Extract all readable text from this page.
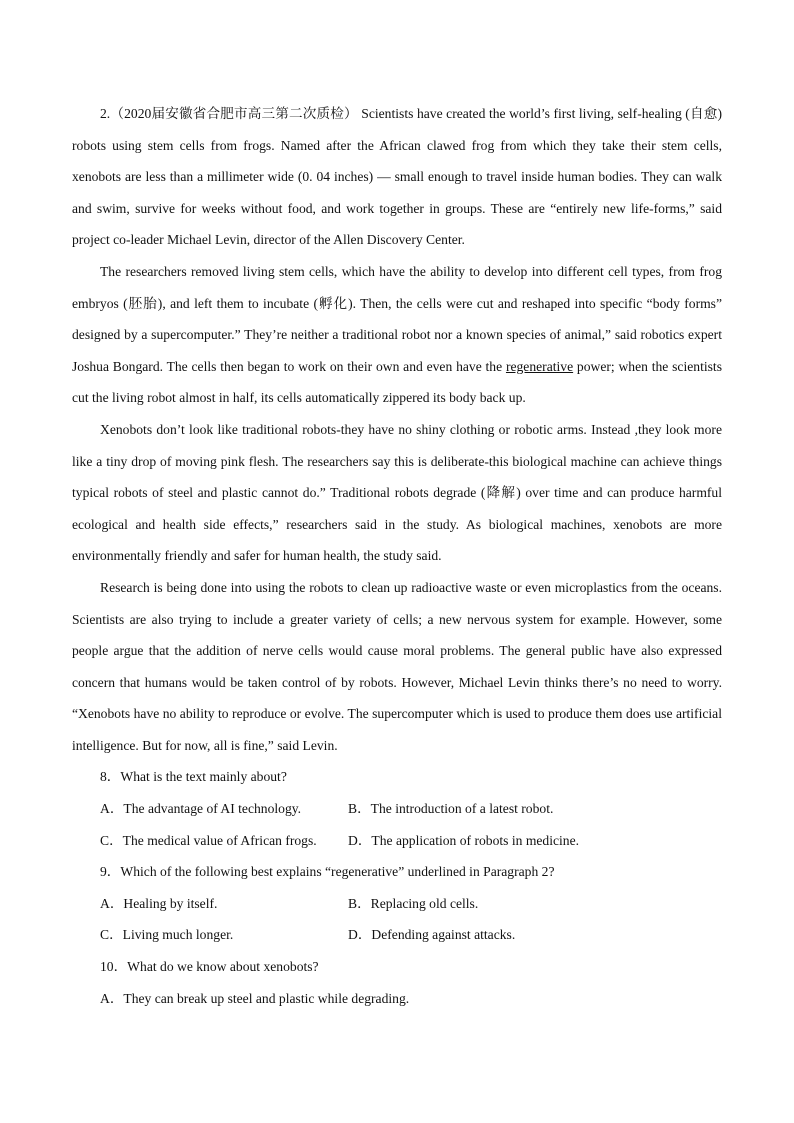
2.（2020届安徽省合肥市高三第二次质检） Scientists have created the world’s first living, self-healing (自愈) robots using stem cells from frogs. Named after the African clawed frog from which they take their stem cells, xenobots are less than a millimeter wide (0. 04 inches) — small enough to travel inside human bodies. They can walk and swim, survive for weeks without food, and work together in groups. These are “entirely new life-forms,” said project co-leader Michael Levin, director of the Allen Discovery Center.

The researchers removed living stem cells, which have the ability to develop into different cell types, from frog embryos (胚胎), and left them to incubate (孵化). Then, the cells were cut and reshaped into specific “body forms” designed by a supercomputer.” They’re neither a traditional robot nor a known species of animal,” said robotics expert Joshua Bongard. The cells then began to work on their own and even have the regenerative power; when the scientists cut the living robot almost in half, its cells automatically zippered its body back up.

Xenobots don’t look like traditional robots-they have no shiny clothing or robotic arms. Instead ,they look more like a tiny drop of moving pink flesh. The researchers say this is deliberate-this biological machine can achieve things typical robots of steel and plastic cannot do.” Traditional robots degrade (降解) over time and can produce harmful ecological and health side effects,” researchers said in the study. As biological machines, xenobots are more environmentally friendly and safer for human health, the study said.

Research is being done into using the robots to clean up radioactive waste or even microplastics from the oceans. Scientists are also trying to include a greater variety of cells; a new nervous system for example. However, some people argue that the addition of nerve cells would cause moral problems. The general public have also expressed concern that humans would be taken control of by robots. However, Michael Levin thinks there’s no need to worry. “Xenobots have no ability to reproduce or evolve. The supercomputer which is used to produce them does use artificial intelligence. But for now, all is fine,” said Levin.

8．What is the text mainly about?

A．The advantage of AI technology.	B．The introduction of a latest robot.
C．The medical value of African frogs.	D．The application of robots in medicine.

9．Which of the following best explains “regenerative” underlined in Paragraph 2?

A．Healing by itself.	B．Replacing old cells.
C．Living much longer.	D．Defending against attacks.

10．What do we know about xenobots?

A．They can break up steel and plastic while degrading.
